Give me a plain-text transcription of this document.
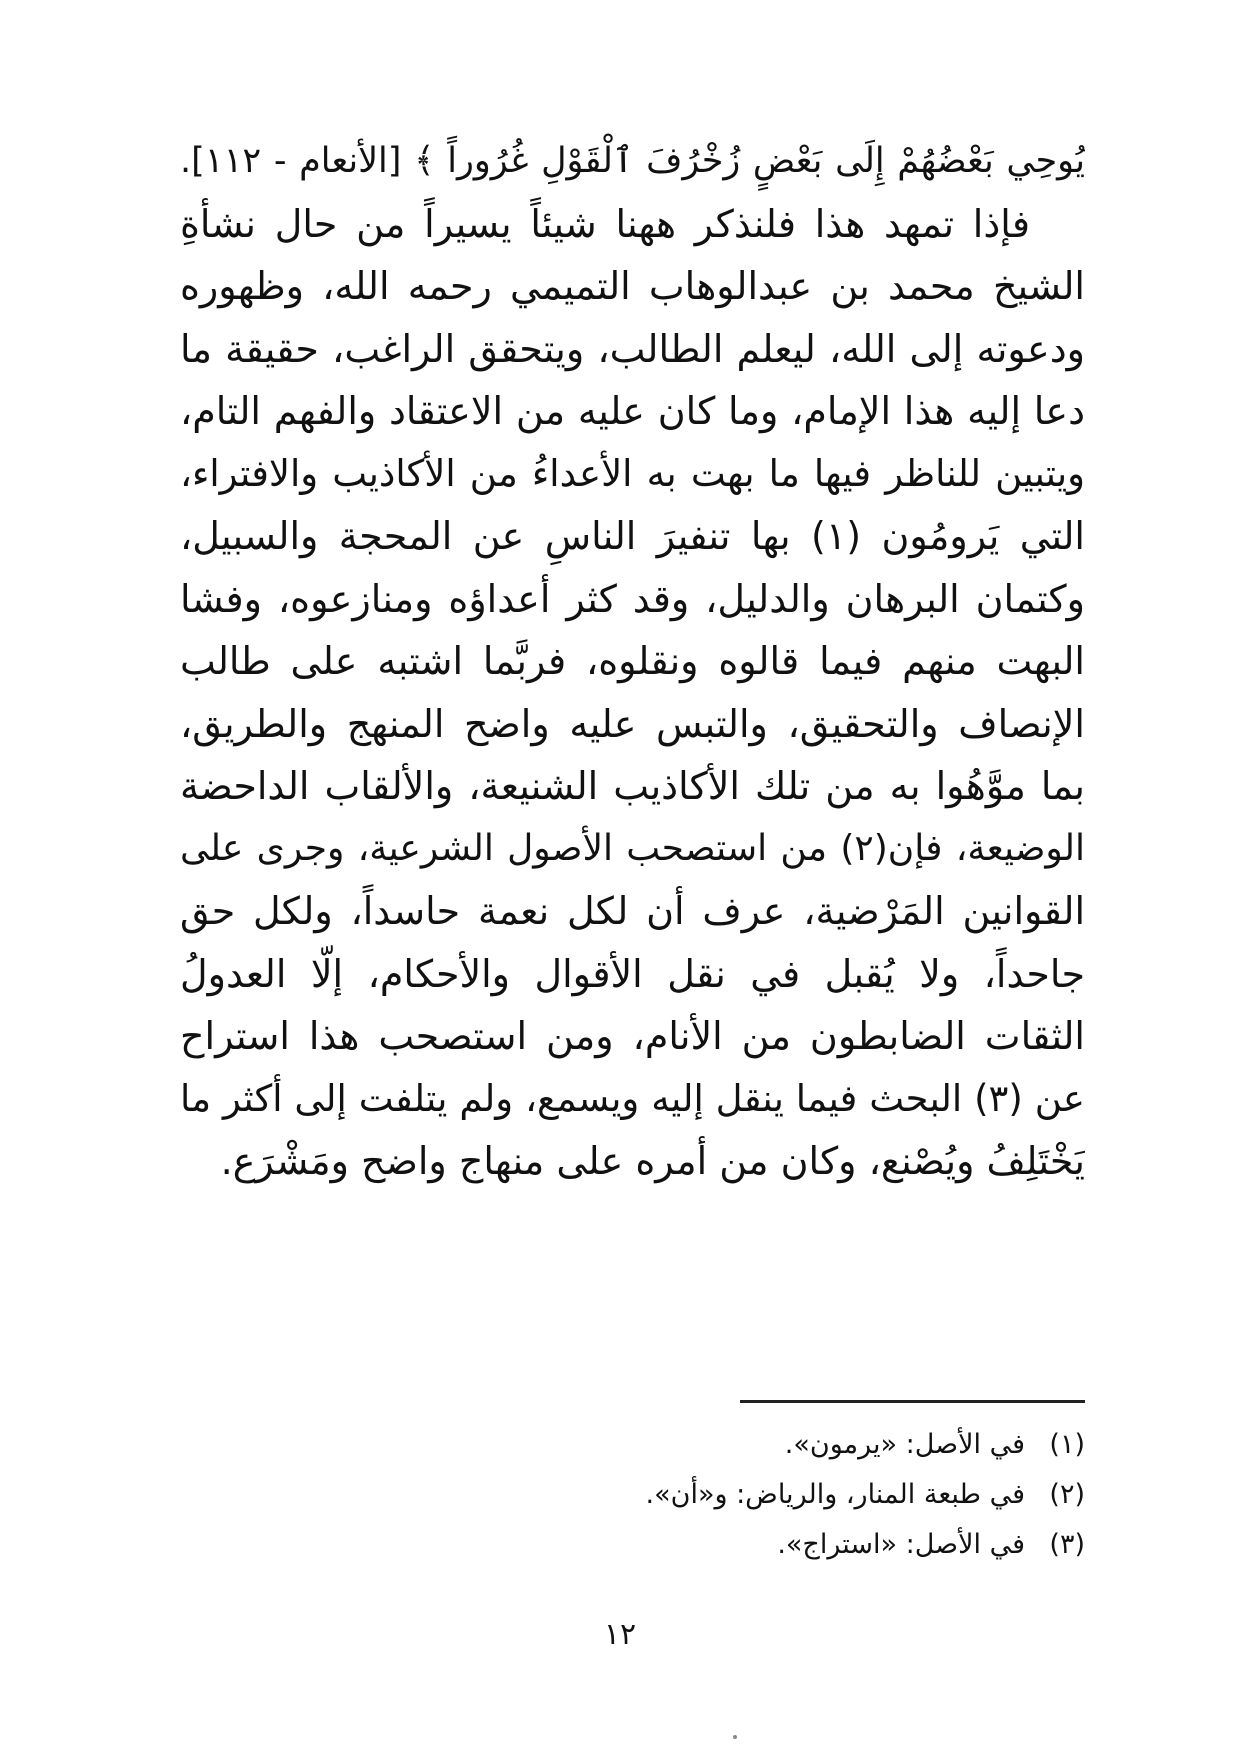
يُوحِي بَعْضُهُمْ إِلَى بَعْضٍ زُخْرُفَ ٱلْقَوْلِ غُرُوراً ﴾ [الأنعام - ١١٢].
فإذا تمهد هذا فلنذكر ههنا شيئاً يسيراً من حال نشأةِ
الشيخ محمد بن عبدالوهاب التميمي رحمه الله، وظهوره
ودعوته إلى الله، ليعلم الطالب، ويتحقق الراغب، حقيقة ما
دعا إليه هذا الإمام، وما كان عليه من الاعتقاد والفهم التام،
ويتبين للناظر فيها ما بهت به الأعداءُ من الأكاذيب والافتراء،
التي يَرومُون (١) بها تنفيرَ الناسِ عن المحجة والسبيل،
وكتمان البرهان والدليل، وقد كثر أعداؤه ومنازعوه، وفشا
البهت منهم فيما قالوه ونقلوه، فربَّما اشتبه على طالب
الإنصاف والتحقيق، والتبس عليه واضح المنهج والطريق،
بما موَّهُوا به من تلك الأكاذيب الشنيعة، والألقاب الداحضة
الوضيعة، فإن(٢) من استصحب الأصول الشرعية، وجرى على
القوانين المَرْضية، عرف أن لكل نعمة حاسداً، ولكل حق
جاحداً، ولا يُقبل في نقل الأقوال والأحكام، إلّا العدولُ
الثقات الضابطون من الأنام، ومن استصحب هذا استراح
عن (٣) البحث فيما ينقل إليه ويسمع، ولم يتلفت إلى أكثر ما
يَخْتَلِفُ ويُصْنع، وكان من أمره على منهاج واضح ومَشْرَع.
(١)في الأصل: «يرمون».
(٢)في طبعة المنار، والرياض: و«أن».
(٣)في الأصل: «استراج».
١٢
